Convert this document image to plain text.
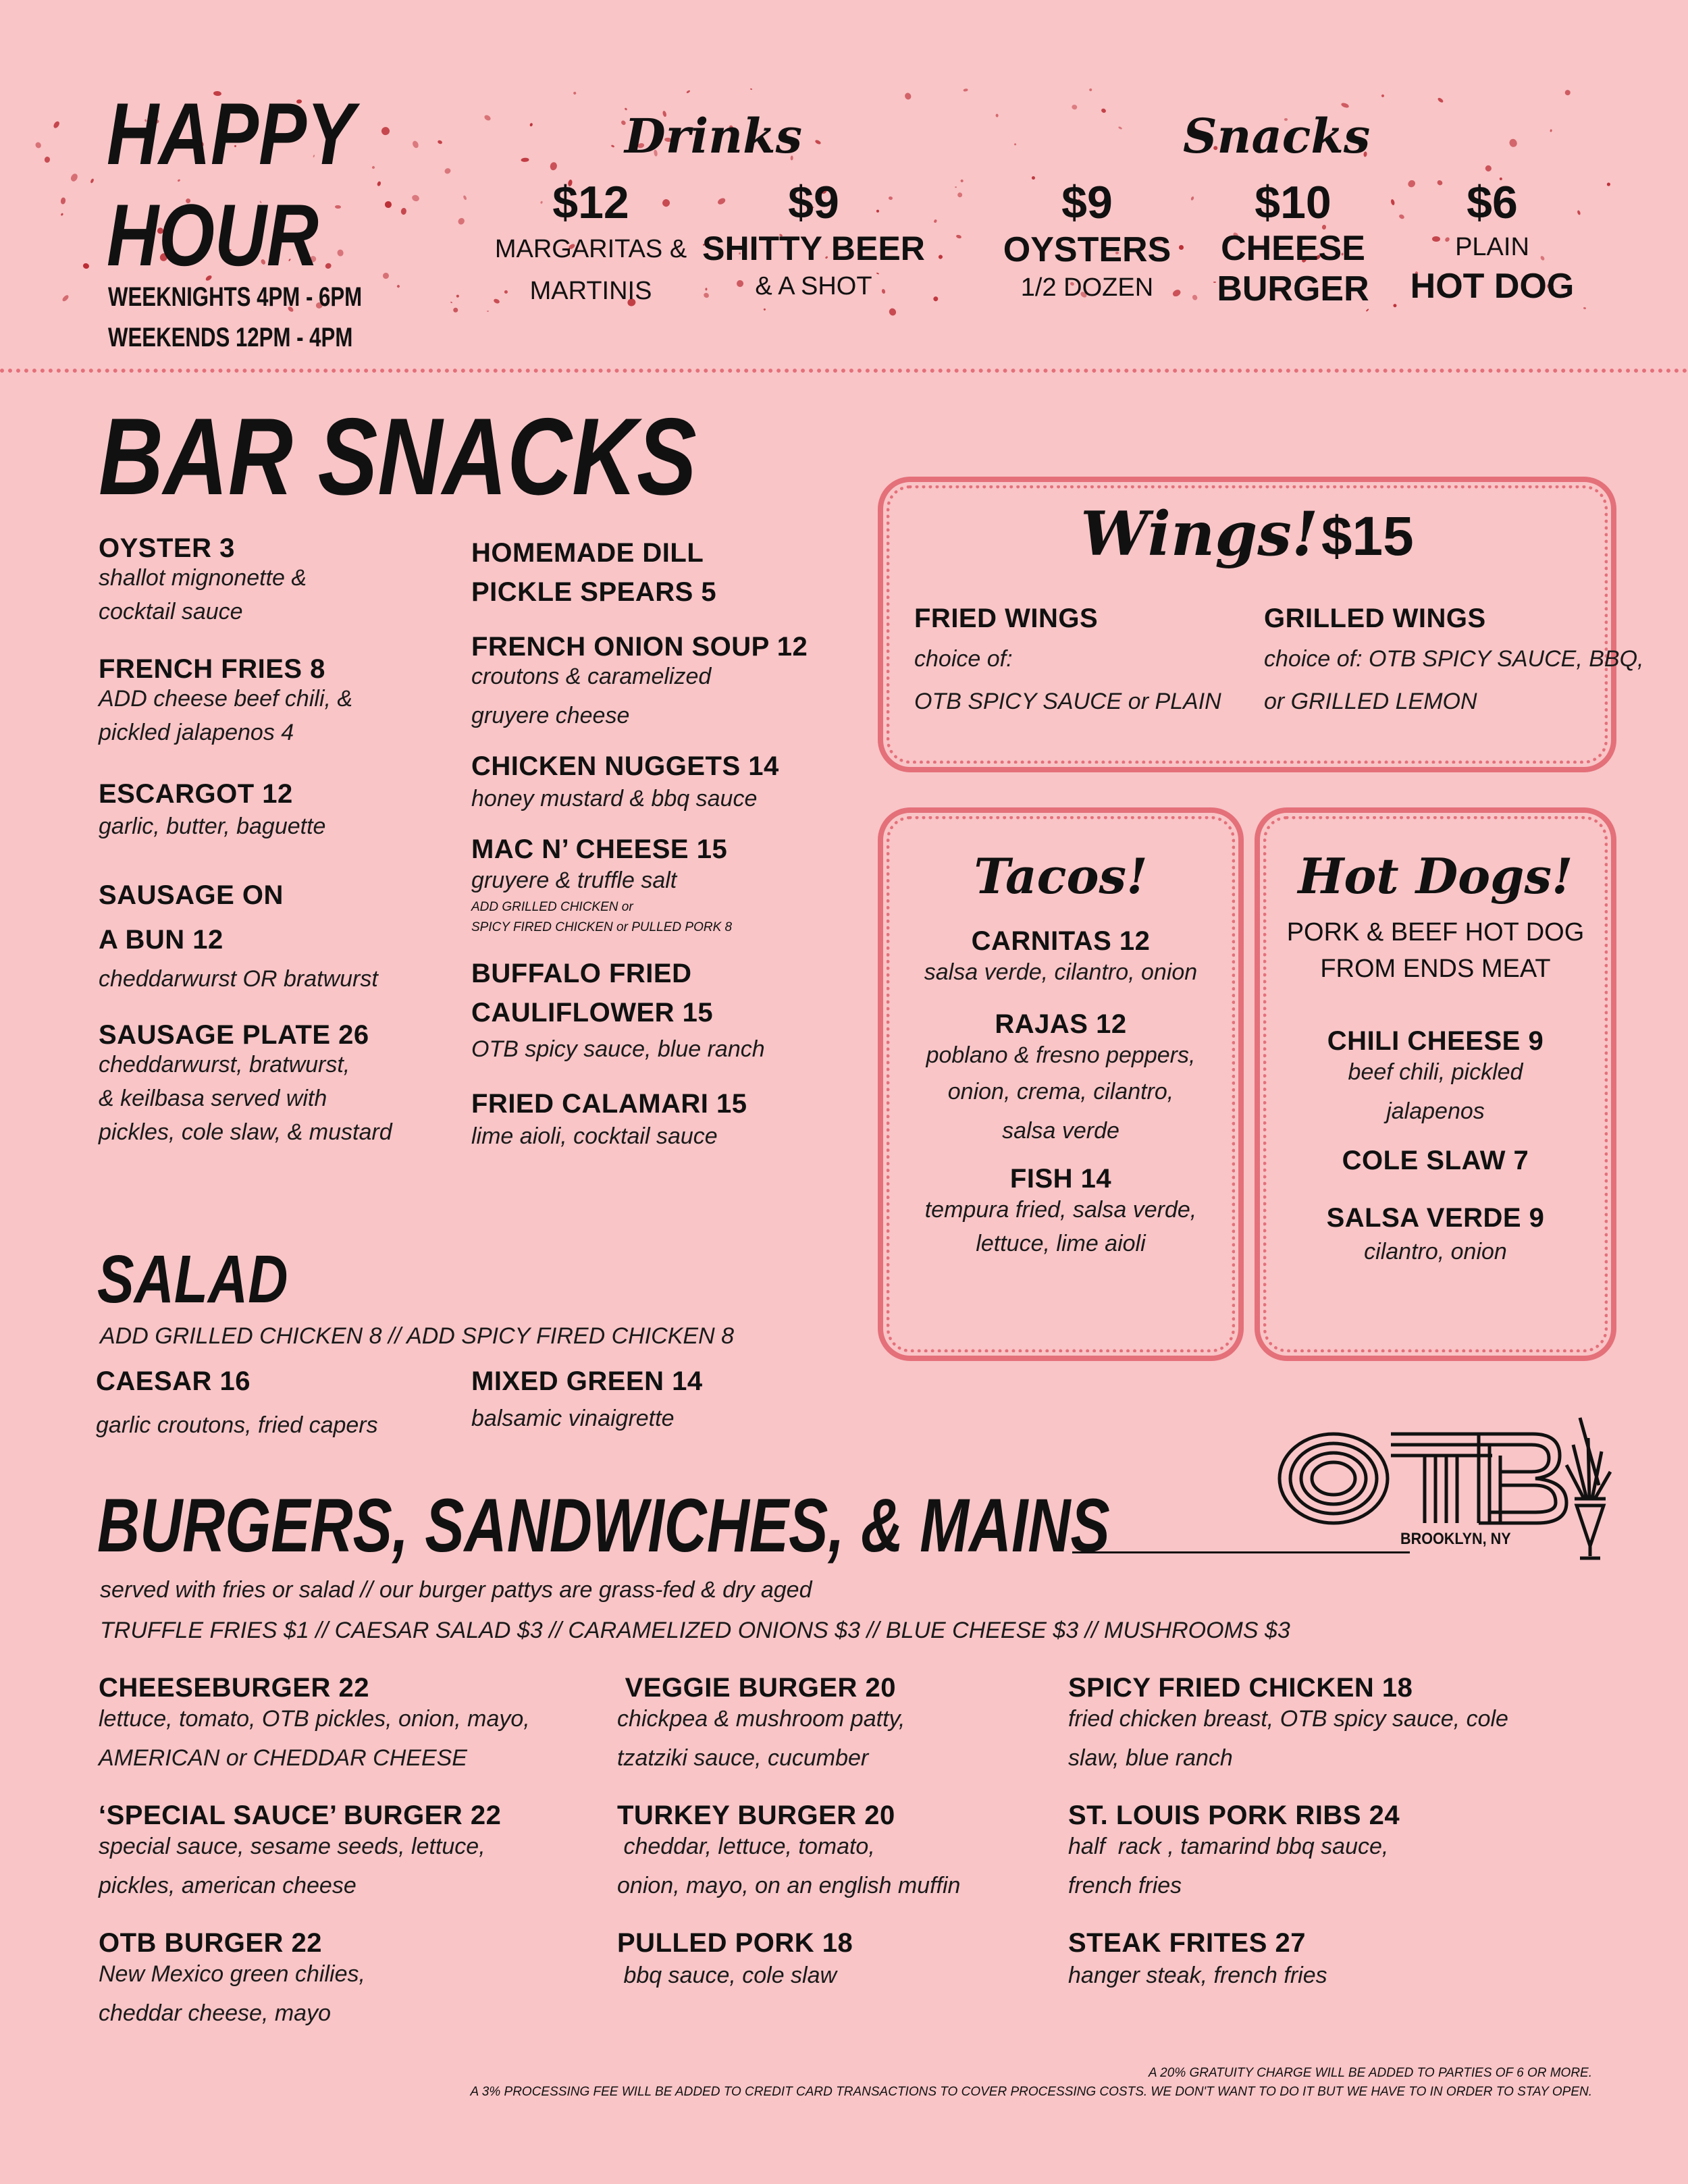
HAPPY
HOUR
WEEKNIGHTS 4PM - 6PM
WEEKENDS 12PM - 4PM
Drinks	Snacks
$12
MARGARITAS &
MARTINIS
$9
SHITTY BEER
& A SHOT
$9
OYSTERS
1/2 DOZEN
$10
CHEESE
BURGER
$6
PLAIN
HOT DOG
BAR SNACKS
OYSTER 3
shallot mignonette &
cocktail sauce
FRENCH FRIES 8
ADD cheese beef chili, &
pickled jalapenos 4
ESCARGOT 12
garlic, butter, baguette
SAUSAGE ON
A BUN 12
cheddarwurst OR bratwurst
SAUSAGE PLATE 26
cheddarwurst, bratwurst,
& keilbasa served with
pickles, cole slaw, & mustard
HOMEMADE DILL
PICKLE SPEARS 5
FRENCH ONION SOUP 12
croutons & caramelized
gruyere cheese
CHICKEN NUGGETS 14
honey mustard & bbq sauce
MAC N’ CHEESE 15
gruyere & truffle salt
ADD GRILLED CHICKEN or
SPICY FIRED CHICKEN or PULLED PORK 8
BUFFALO FRIED
CAULIFLOWER 15
OTB spicy sauce, blue ranch
FRIED CALAMARI 15
lime aioli, cocktail sauce
Wings! $15
FRIED WINGS
choice of:
OTB SPICY SAUCE or PLAIN
GRILLED WINGS
choice of: OTB SPICY SAUCE, BBQ,
or GRILLED LEMON
Tacos!
CARNITAS 12
salsa verde, cilantro, onion
RAJAS 12
poblano & fresno peppers,
onion, crema, cilantro,
salsa verde
FISH 14
tempura fried, salsa verde,
lettuce, lime aioli
Hot Dogs!
PORK & BEEF HOT DOG
FROM ENDS MEAT
CHILI CHEESE 9
beef chili, pickled
jalapenos
COLE SLAW 7
SALSA VERDE 9
cilantro, onion
SALAD
ADD GRILLED CHICKEN 8 // ADD SPICY FIRED CHICKEN 8
CAESAR 16
garlic croutons, fried capers
MIXED GREEN 14
balsamic vinaigrette
BROOKLYN, NY
BURGERS, SANDWICHES, & MAINS
served with fries or salad // our burger pattys are grass-fed & dry aged
TRUFFLE FRIES $1 // CAESAR SALAD $3 // CARAMELIZED ONIONS $3 // BLUE CHEESE $3 // MUSHROOMS $3
CHEESEBURGER 22
lettuce, tomato, OTB pickles, onion, mayo,
AMERICAN or CHEDDAR CHEESE
‘SPECIAL SAUCE’ BURGER 22
special sauce, sesame seeds, lettuce,
pickles, american cheese
OTB BURGER 22
New Mexico green chilies,
cheddar cheese, mayo
VEGGIE BURGER 20
chickpea & mushroom patty,
tzatziki sauce, cucumber
TURKEY BURGER 20
cheddar, lettuce, tomato,
onion, mayo, on an english muffin
PULLED PORK 18
bbq sauce, cole slaw
SPICY FRIED CHICKEN 18
fried chicken breast, OTB spicy sauce, cole
slaw, blue ranch
ST. LOUIS PORK RIBS 24
half  rack , tamarind bbq sauce,
french fries
STEAK FRITES 27
hanger steak, french fries
A 20% GRATUITY CHARGE WILL BE ADDED TO PARTIES OF 6 OR MORE.
A 3% PROCESSING FEE WILL BE ADDED TO CREDIT CARD TRANSACTIONS TO COVER PROCESSING COSTS. WE DON'T WANT TO DO IT BUT WE HAVE TO IN ORDER TO STAY OPEN.
